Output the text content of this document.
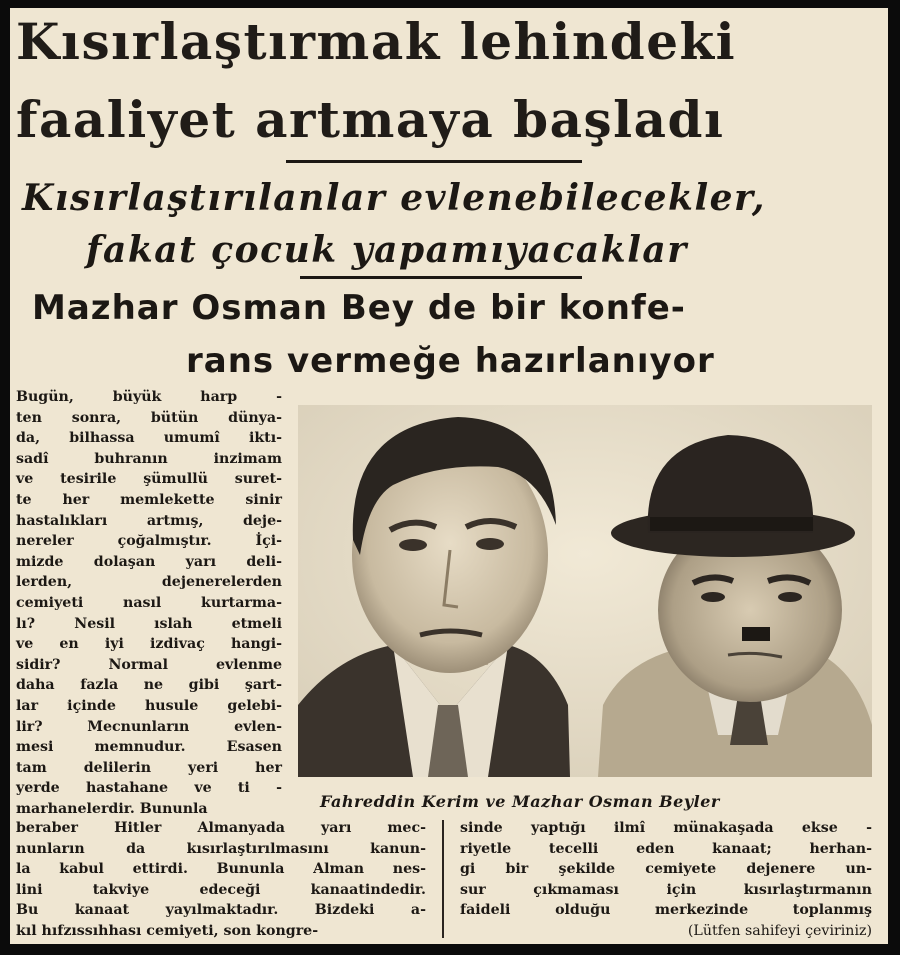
Kısırlaştırmak lehindeki
faaliyet artmaya başladı
Kısırlaştırılanlar evlenebilecekler,
fakat çocuk yapamıyacaklar
Mazhar Osman Bey de bir konfe-
rans vermeğe hazırlanıyor
Bugün, büyük harp -
ten sonra, bütün dünya-
da, bilhassa umumî iktı-
sadî buhranın inzimam
ve tesirile şümullü suret-
te her memlekette sinir
hastalıkları artmış, deje-
nereler çoğalmıştır. İçi-
mizde dolaşan yarı deli-
lerden, dejenerelerden
cemiyeti nasıl kurtarma-
lı? Nesil ıslah etmeli
ve en iyi izdivaç hangi-
sidir? Normal evlenme
daha fazla ne gibi şart-
lar içinde husule gelebi-
lir? Mecnunların evlen-
mesi memnudur. Esasen
tam delilerin yeri her
yerde hastahane ve ti -
marhanelerdir. Bununla	Fahreddin Kerim ve Mazhar Osman Beyler
beraber Hitler Almanyada yarı mec-
nunların da kısırlaştırılmasını kanun-
la kabul ettirdi. Bununla Alman nes-
lini takviye edeceği kanaatindedir.
Bu kanaat yayılmaktadır. Bizdeki a-
kıl hıfzıssıhhası cemiyeti, son kongre-
sinde yaptığı ilmî münakaşada ekse -
riyetle tecelli eden kanaat; herhan-
gi bir şekilde cemiyete dejenere un-
sur çıkmaması için kısırlaştırmanın
faideli olduğu merkezinde toplanmış
(Lütfen sahifeyi çeviriniz)
